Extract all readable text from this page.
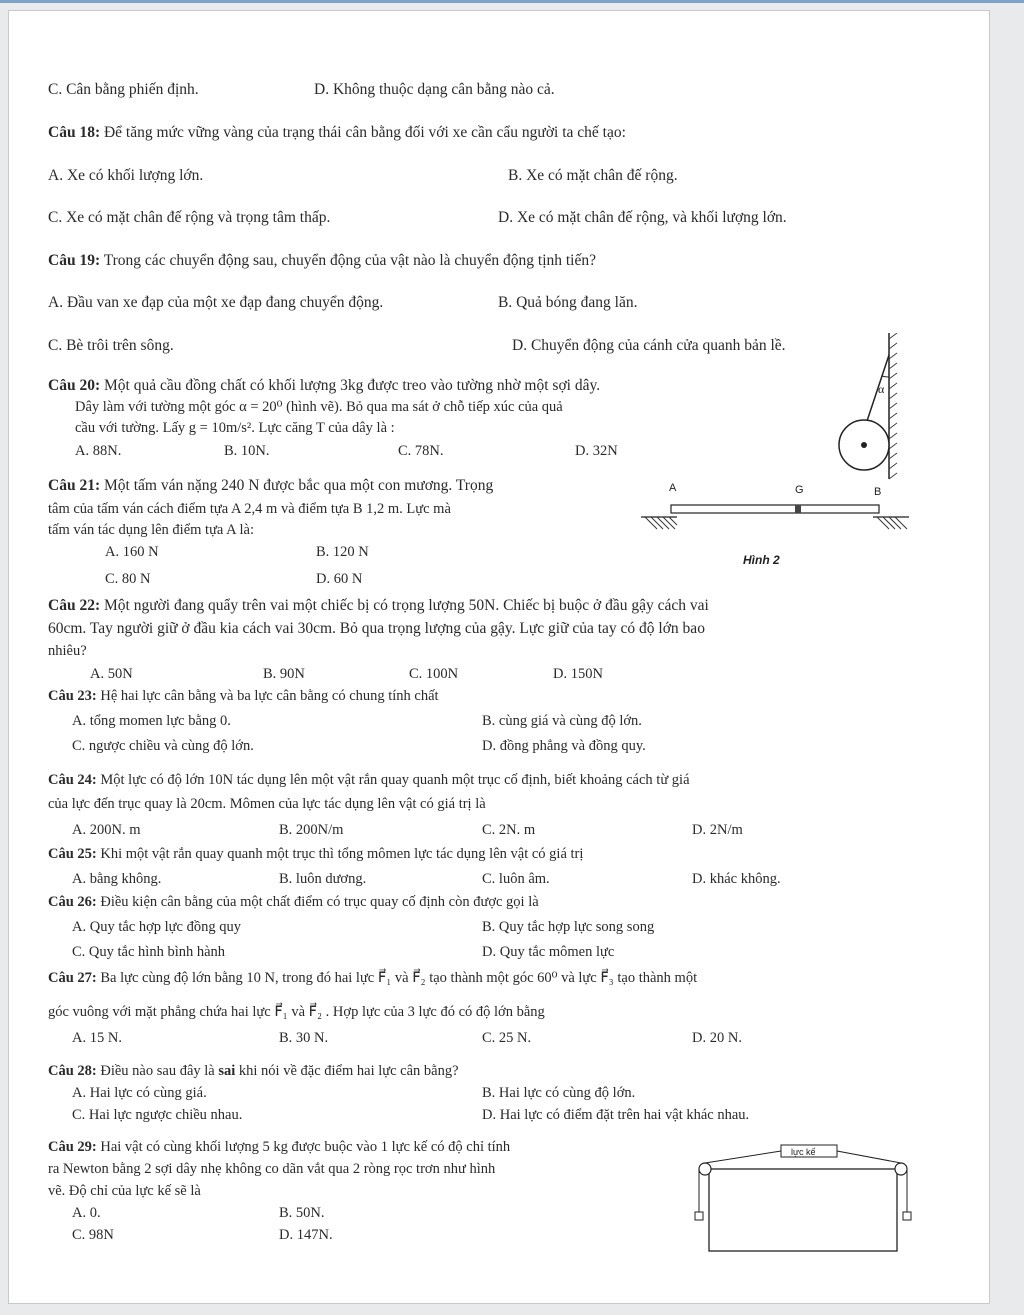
C. Cân bằng phiến định.	D. Không thuộc dạng cân bằng nào cả.
Câu 18: Để tăng mức vững vàng của trạng thái cân bằng đối với xe cần cẩu người ta chế tạo:
A. Xe có khối lượng lớn.	B. Xe có mặt chân đế rộng.
C. Xe có mặt chân đế rộng và trọng tâm thấp.	D. Xe có mặt chân đế rộng, và khối lượng lớn.
Câu 19: Trong các chuyển động sau, chuyển động của vật nào là chuyển động tịnh tiến?
A. Đầu van xe đạp của một xe đạp đang chuyển động.	B. Quả bóng đang lăn.
C. Bè trôi trên sông.	D. Chuyển động của cánh cửa quanh bản lề.
Câu 20: Một quả cầu đồng chất có khối lượng 3kg được treo vào tường nhờ một sợi dây.
Dây làm với tường một góc α = 20⁰ (hình vẽ). Bỏ qua ma sát ở chỗ tiếp xúc của quả
cầu với tường. Lấy g = 10m/s². Lực căng T của dây là :
A. 88N.	B. 10N.	C. 78N.	D. 32N
α
Câu 21: Một tấm ván nặng 240 N được bắc qua một con mương. Trọng
tâm của tấm ván cách điểm tựa A 2,4 m và điểm tựa B 1,2 m. Lực mà
tấm ván tác dụng lên điểm tựa A là:
A. 160 N	B. 120 N
C. 80 N	D. 60 N
A	G	B
Hình 2
Câu 22: Một người đang quẩy trên vai một chiếc bị có trọng lượng 50N. Chiếc bị buộc ở đầu gậy cách vai
60cm. Tay người giữ ở đầu kia cách vai 30cm. Bỏ qua trọng lượng của gậy. Lực giữ của tay có độ lớn bao
nhiêu?
A. 50N	B. 90N	C. 100N	D. 150N
Câu 23: Hệ hai lực cân bằng và ba lực cân bằng có chung tính chất
A. tổng momen lực bằng 0.	B. cùng giá và cùng độ lớn.
C. ngược chiều và cùng độ lớn.	D. đồng phẳng và đồng quy.
Câu 24: Một lực có độ lớn 10N tác dụng lên một vật rắn quay quanh một trục cố định, biết khoảng cách từ giá
của lực đến trục quay là 20cm. Mômen của lực tác dụng lên vật có giá trị là
A. 200N. m	B. 200N/m	C. 2N. m	D. 2N/m
Câu 25: Khi một vật rắn quay quanh một trục thì tổng mômen lực tác dụng lên vật có giá trị
A. bằng không.	B. luôn dương.	C. luôn âm.	D. khác không.
Câu 26: Điều kiện cân bằng của một chất điểm có trục quay cố định còn được gọi là
A. Quy tắc hợp lực đồng quy	B. Quy tắc hợp lực song song
C. Quy tắc hình bình hành	D. Quy tắc mômen lực
Câu 27: Ba lực cùng độ lớn bằng 10 N, trong đó hai lực F⃗₁ và F⃗₂ tạo thành một góc 60⁰ và lực F⃗₃ tạo thành một
góc vuông với mặt phẳng chứa hai lực F⃗₁ và F⃗₂ . Hợp lực của 3 lực đó có độ lớn bằng
A. 15 N.	B. 30 N.	C. 25 N.	D. 20 N.
Câu 28: Điều nào sau đây là sai khi nói về đặc điểm hai lực cân bằng?
A. Hai lực có cùng giá.	B. Hai lực có cùng độ lớn.
C. Hai lực ngược chiều nhau.	D. Hai lực có điểm đặt trên hai vật khác nhau.
Câu 29: Hai vật có cùng khối lượng 5 kg được buộc vào 1 lực kế có độ chỉ tính
ra Newton bằng 2 sợi dây nhẹ không co dãn vắt qua 2 ròng rọc trơn như hình
vẽ. Độ chỉ của lực kế sẽ là
A. 0.	B. 50N.
C. 98N	D. 147N.
lực kế
